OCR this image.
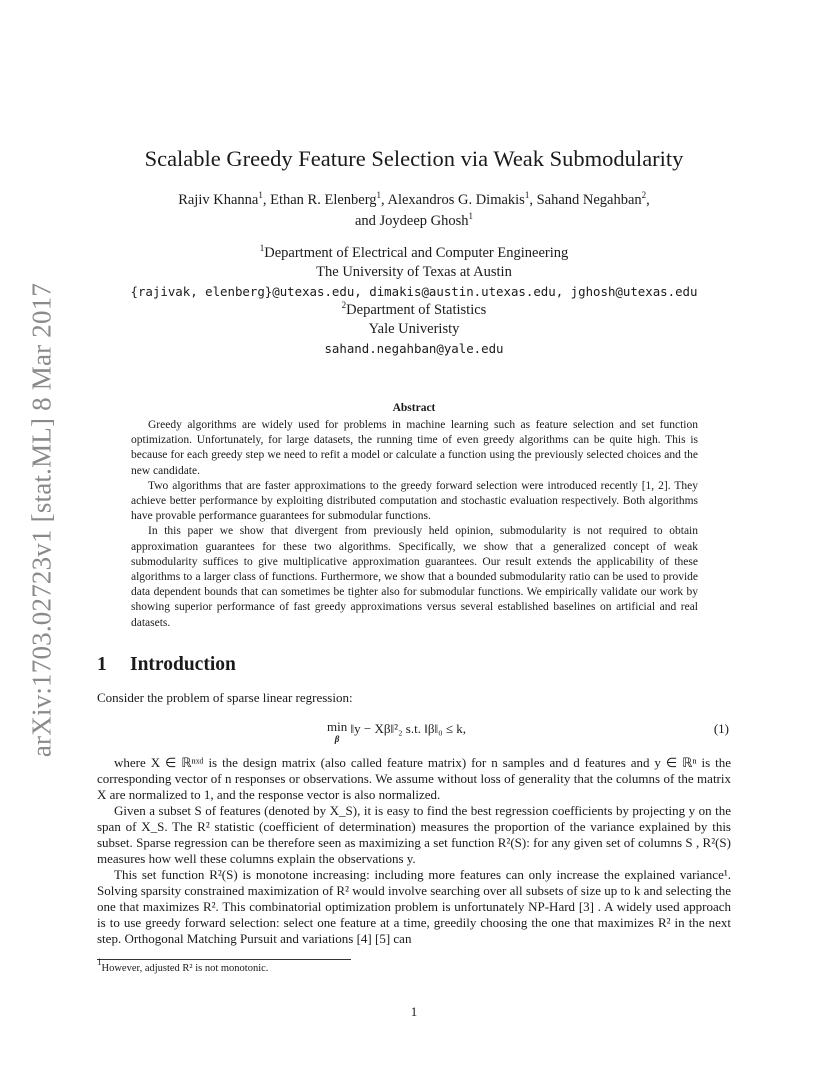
arXiv:1703.02723v1 [stat.ML] 8 Mar 2017
Scalable Greedy Feature Selection via Weak Submodularity
Rajiv Khanna$^1$, Ethan R. Elenberg$^1$, Alexandros G. Dimakis$^1$, Sahand Negahban$^2$,
and Joydeep Ghosh$^1$
$^1$Department of Electrical and Computer Engineering
The University of Texas at Austin
{rajivak, elenberg}@utexas.edu, dimakis@austin.utexas.edu, jghosh@utexas.edu
$^2$Department of Statistics
Yale Univeristy
sahand.negahban@yale.edu
Abstract

Greedy algorithms are widely used for problems in machine learning such as feature selection and set function optimization. Unfortunately, for large datasets, the running time of even greedy algorithms can be quite high. This is because for each greedy step we need to refit a model or calculate a function using the previously selected choices and the new candidate.

Two algorithms that are faster approximations to the greedy forward selection were introduced recently [1, 2]. They achieve better performance by exploiting distributed computation and stochastic evaluation respectively. Both algorithms have provable performance guarantees for submodular functions.

In this paper we show that divergent from previously held opinion, submodularity is not required to obtain approximation guarantees for these two algorithms. Specifically, we show that a generalized concept of weak submodularity suffices to give multiplicative approximation guarantees. Our result extends the applicability of these algorithms to a larger class of functions. Furthermore, we show that a bounded submodularity ratio can be used to provide data dependent bounds that can sometimes be tighter also for submodular functions. We empirically validate our work by showing superior performance of fast greedy approximations versus several established baselines on artificial and real datasets.

1 Introduction
Consider the problem of sparse linear regression:
min
β
‖y − Xβ‖²₂ s.t. ‖β‖₀ ≤ k,	(1)

where X ∈ ℝⁿˣᵈ is the design matrix (also called feature matrix) for n samples and d features and y ∈ ℝⁿ is the corresponding vector of n responses or observations. We assume without loss of generality that the columns of the matrix X are normalized to 1, and the response vector is also normalized.

Given a subset S of features (denoted by X_S), it is easy to find the best regression coefficients by projecting y on the span of X_S. The R² statistic (coefficient of determination) measures the proportion of the variance explained by this subset. Sparse regression can be therefore seen as maximizing a set function R²(S): for any given set of columns S , R²(S) measures how well these columns explain the observations y.

This set function R²(S) is monotone increasing: including more features can only increase the explained variance¹. Solving sparsity constrained maximization of R² would involve searching over all subsets of size up to k and selecting the one that maximizes R². This combinatorial optimization problem is unfortunately NP-Hard [3] . A widely used approach is to use greedy forward selection: select one feature at a time, greedily choosing the one that maximizes R² in the next step. Orthogonal Matching Pursuit and variations [4] [5] can

$^1$However, adjusted R² is not monotonic.
1
